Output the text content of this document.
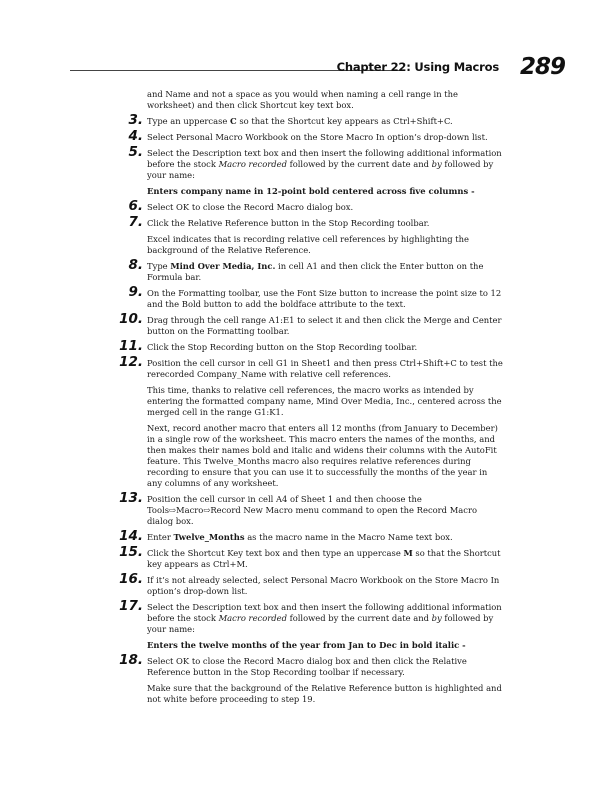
Chapter 22: Using Macros 289
and Name and not a space as you would when naming a cell range in the worksheet) and then click Shortcut key text box.
3. Type an uppercase C so that the Shortcut key appears as Ctrl+Shift+C.
4. Select Personal Macro Workbook on the Store Macro In option’s drop-down list.
5. Select the Description text box and then insert the following additional information before the stock Macro recorded followed by the current date and by followed by your name:
Enters company name in 12-point bold centered across five columns -
6. Select OK to close the Record Macro dialog box.
7. Click the Relative Reference button in the Stop Recording toolbar.
Excel indicates that is recording relative cell references by highlighting the background of the Relative Reference.
8. Type Mind Over Media, Inc. in cell A1 and then click the Enter button on the Formula bar.
9. On the Formatting toolbar, use the Font Size button to increase the point size to 12 and the Bold button to add the boldface attribute to the text.
10. Drag through the cell range A1:E1 to select it and then click the Merge and Center button on the Formatting toolbar.
11. Click the Stop Recording button on the Stop Recording toolbar.
12. Position the cell cursor in cell G1 in Sheet1 and then press Ctrl+Shift+C to test the rerecorded Company_Name with relative cell references.
This time, thanks to relative cell references, the macro works as intended by entering the formatted company name, Mind Over Media, Inc., centered across the merged cell in the range G1:K1.
Next, record another macro that enters all 12 months (from January to December) in a single row of the worksheet. This macro enters the names of the months, and then makes their names bold and italic and widens their columns with the AutoFit feature. This Twelve_Months macro also requires relative references during recording to ensure that you can use it to successfully the months of the year in any columns of any worksheet.
13. Position the cell cursor in cell A4 of Sheet 1 and then choose the Tools⇨Macro⇨Record New Macro menu command to open the Record Macro dialog box.
14. Enter Twelve_Months as the macro name in the Macro Name text box.
15. Click the Shortcut Key text box and then type an uppercase M so that the Shortcut key appears as Ctrl+M.
16. If it’s not already selected, select Personal Macro Workbook on the Store Macro In option’s drop-down list.
17. Select the Description text box and then insert the following additional information before the stock Macro recorded followed by the current date and by followed by your name:
Enters the twelve months of the year from Jan to Dec in bold italic -
18. Select OK to close the Record Macro dialog box and then click the Relative Reference button in the Stop Recording toolbar if necessary.
Make sure that the background of the Relative Reference button is highlighted and not white before proceeding to step 19.
